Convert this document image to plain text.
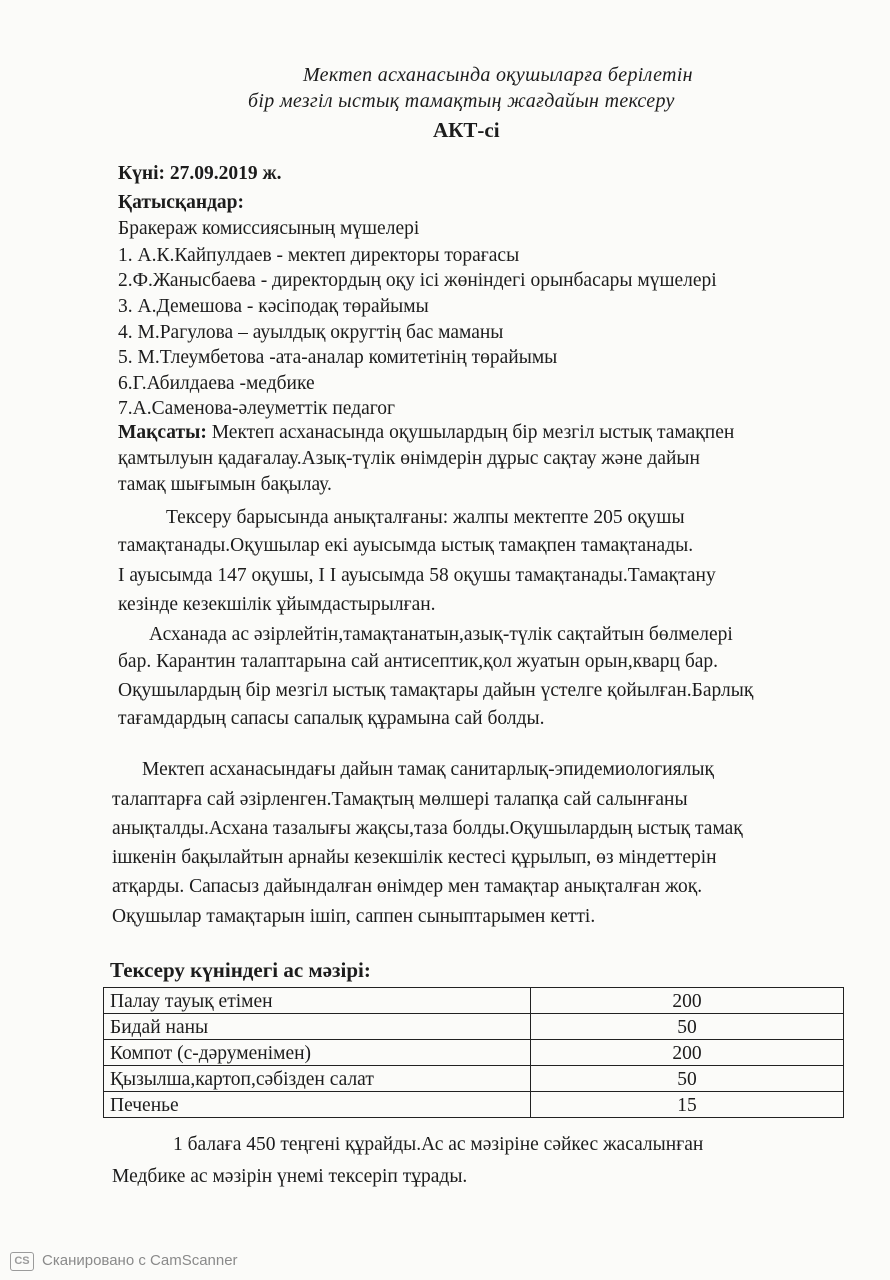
Мектеп асханасында оқушыларға берілетін
бір мезгіл ыстық тамақтың жағдайын тексеру
АКТ-сі
Күні: 27.09.2019 ж.
Қатысқандар:
Бракераж комиссиясының мүшелері
1. А.К.Кайпулдаев - мектеп директоры торағасы
2.Ф.Жанысбаева - директордың оқу ісі жөніндегі орынбасары мүшелері
3. А.Демешова - кәсіподақ төрайымы
4. М.Рагулова – ауылдық округтің бас маманы
5. М.Тлеумбетова -ата-аналар комитетінің төрайымы
6.Г.Абилдаева -медбике
7.А.Саменова-әлеуметтік педагог
Мақсаты: Мектеп асханасында оқушылардың бір мезгіл ыстық тамақпен
қамтылуын қадағалау.Азық-түлік өнімдерін дұрыс сақтау және дайын
тамақ шығымын бақылау.
Тексеру барысында анықталғаны: жалпы мектепте 205 оқушы
тамақтанады.Оқушылар екі ауысымда ыстық тамақпен тамақтанады.
I ауысымда 147 оқушы, I I ауысымда 58 оқушы тамақтанады.Тамақтану
кезінде кезекшілік ұйымдастырылған.
Асханада ас әзірлейтін,тамақтанатын,азық-түлік сақтайтын бөлмелері
бар. Карантин талаптарына сай антисептик,қол жуатын орын,кварц бар.
Оқушылардың бір мезгіл ыстық тамақтары дайын үстелге қойылған.Барлық
тағамдардың сапасы сапалық құрамына сай болды.
Мектеп асханасындағы дайын тамақ санитарлық-эпидемиологиялық
талаптарға сай әзірленген.Тамақтың мөлшері талапқа сай салынғаны
анықталды.Асхана тазалығы жақсы,таза болды.Оқушылардың ыстық тамақ
ішкенін бақылайтын арнайы кезекшілік кестесі құрылып, өз міндеттерін
атқарды. Сапасыз дайындалған өнімдер мен тамақтар анықталған жоқ.
Оқушылар тамақтарын ішіп, саппен сыныптарымен кетті.
Тексеру күніндегі ас мәзірі:
Палау тауық етімен	200
Бидай наны	50
Компот (с-дәруменімен)	200
Қызылша,картоп,сәбізден салат	50
Печенье	15
1 балаға 450 теңгені құрайды.Ас ас мәзіріне сәйкес жасалынған
Медбике ас мәзірін үнемі тексеріп тұрады.
CS Сканировано с CamScanner
